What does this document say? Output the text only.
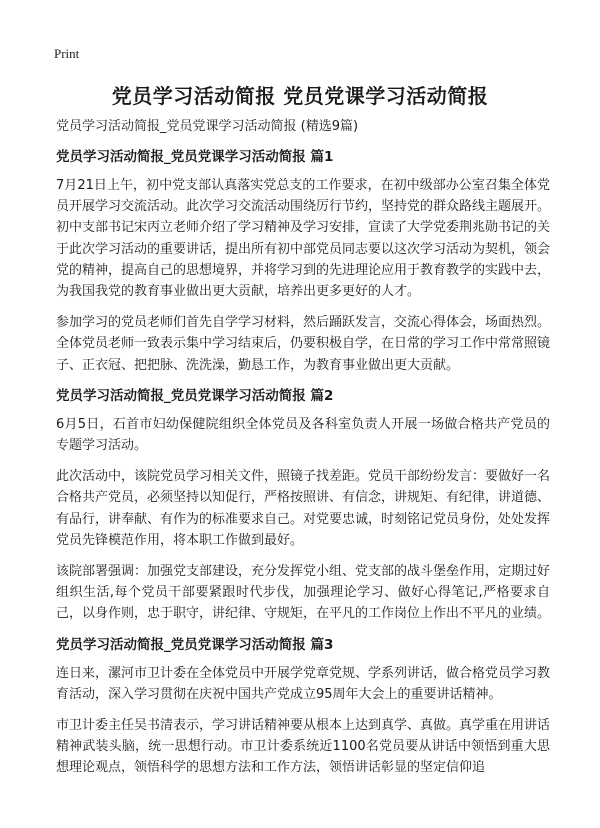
Print
党员学习活动简报 党员党课学习活动简报

党员学习活动简报_党员党课学习活动简报 (精选9篇)

党员学习活动简报_党员党课学习活动简报 篇1

7月21日上午，初中党支部认真落实党总支的工作要求，在初中级部办公室召集全体党员开展学习交流活动。此次学习交流活动围绕厉行节约，坚持党的群众路线主题展开。初中支部书记宋丙立老师介绍了学习精神及学习安排，宣读了大学党委荆兆勋书记的关于此次学习活动的重要讲话，提出所有初中部党员同志要以这次学习活动为契机，领会党的精神，提高自己的思想境界，并将学习到的先进理论应用于教育教学的实践中去，为我国我党的教育事业做出更大贡献，培养出更多更好的人才。

参加学习的党员老师们首先自学学习材料，然后踊跃发言，交流心得体会，场面热烈。全体党员老师一致表示集中学习结束后，仍要积极自学，在日常的学习工作中常常照镜子、正衣冠、把把脉、洗洗澡，勤恳工作，为教育事业做出更大贡献。

党员学习活动简报_党员党课学习活动简报 篇2

6月5日，石首市妇幼保健院组织全体党员及各科室负责人开展一场做合格共产党员的专题学习活动。

此次活动中，该院党员学习相关文件，照镜子找差距。党员干部纷纷发言：要做好一名合格共产党员，必须坚持以知促行，严格按照讲、有信念，讲规矩、有纪律，讲道德、有品行，讲奉献、有作为的标准要求自己。对党要忠诚，时刻铭记党员身份，处处发挥党员先锋模范作用，将本职工作做到最好。

该院部署强调：加强党支部建设，充分发挥党小组、党支部的战斗堡垒作用，定期过好组织生活,每个党员干部要紧跟时代步伐，加强理论学习、做好心得笔记,严格要求自己，以身作则，忠于职守，讲纪律、守规矩，在平凡的工作岗位上作出不平凡的业绩。

党员学习活动简报_党员党课学习活动简报 篇3

连日来，漯河市卫计委在全体党员中开展学党章党规、学系列讲话，做合格党员学习教育活动，深入学习贯彻在庆祝中国共产党成立95周年大会上的重要讲话精神。

市卫计委主任吴书清表示，学习讲话精神要从根本上达到真学、真做。真学重在用讲话精神武装头脑，统一思想行动。市卫计委系统近1100名党员要从讲话中领悟到重大思想理论观点，领悟科学的思想方法和工作方法，领悟讲话彰显的坚定信仰追
